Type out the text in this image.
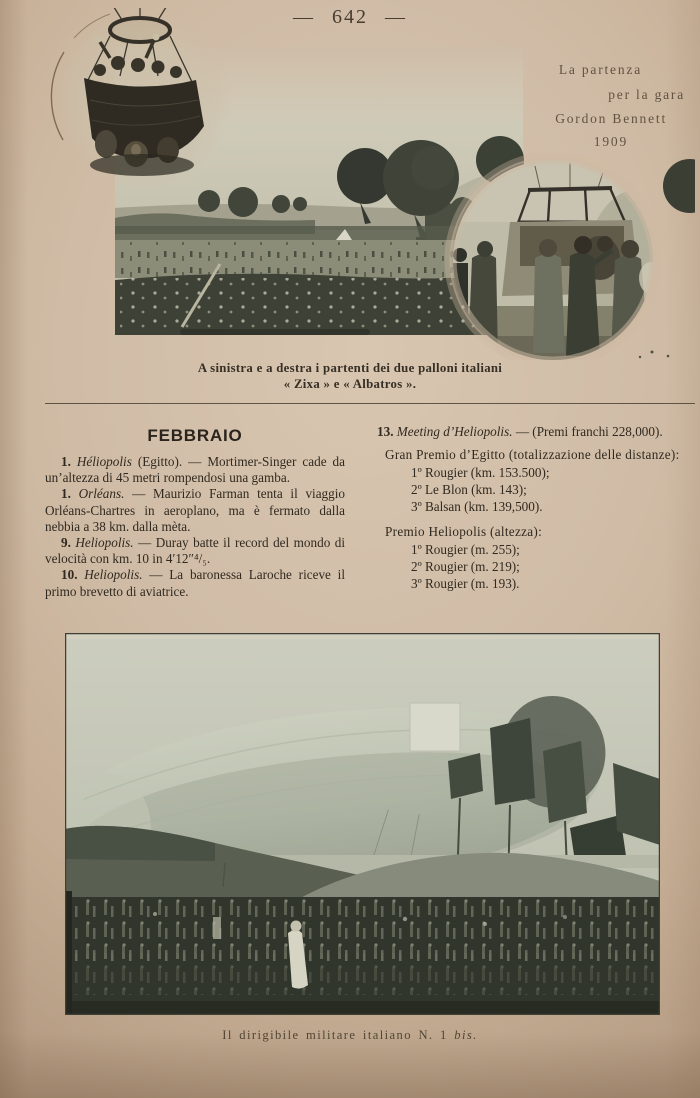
— 642 —
La partenza
per la gara
Gordon Bennett
1909
A sinistra e a destra i partenti dei due palloni italiani
« Zixa » e « Albatros ».
FEBBRAIO

1. Héliopolis (Egitto). — Mortimer-Singer cade da un’altezza di 45 metri rompendosi una gamba.

1. Orléans. — Maurizio Farman tenta il viaggio Orléans-Chartres in aeroplano, ma è fermato dalla nebbia a 38 km. dalla mèta.

9. Heliopolis. — Duray batte il record del mondo di velocità con km. 10 in 4′12″⁴/₅.

10. Heliopolis. — La baronessa Laroche riceve il primo brevetto di aviatrice.

13. Meeting d’Heliopolis. — (Premi franchi 228,000).

Gran Premio d’Egitto (totalizzazione delle distanze):

1º Rougier (km. 153.500);
2º Le Blon (km. 143);
3º Balsan (km. 139,500).

Premio Heliopolis (altezza):

1º Rougier (m. 255);
2º Rougier (m. 219);
3º Rougier (m. 193).
Il dirigibile militare italiano N. 1 bis.
